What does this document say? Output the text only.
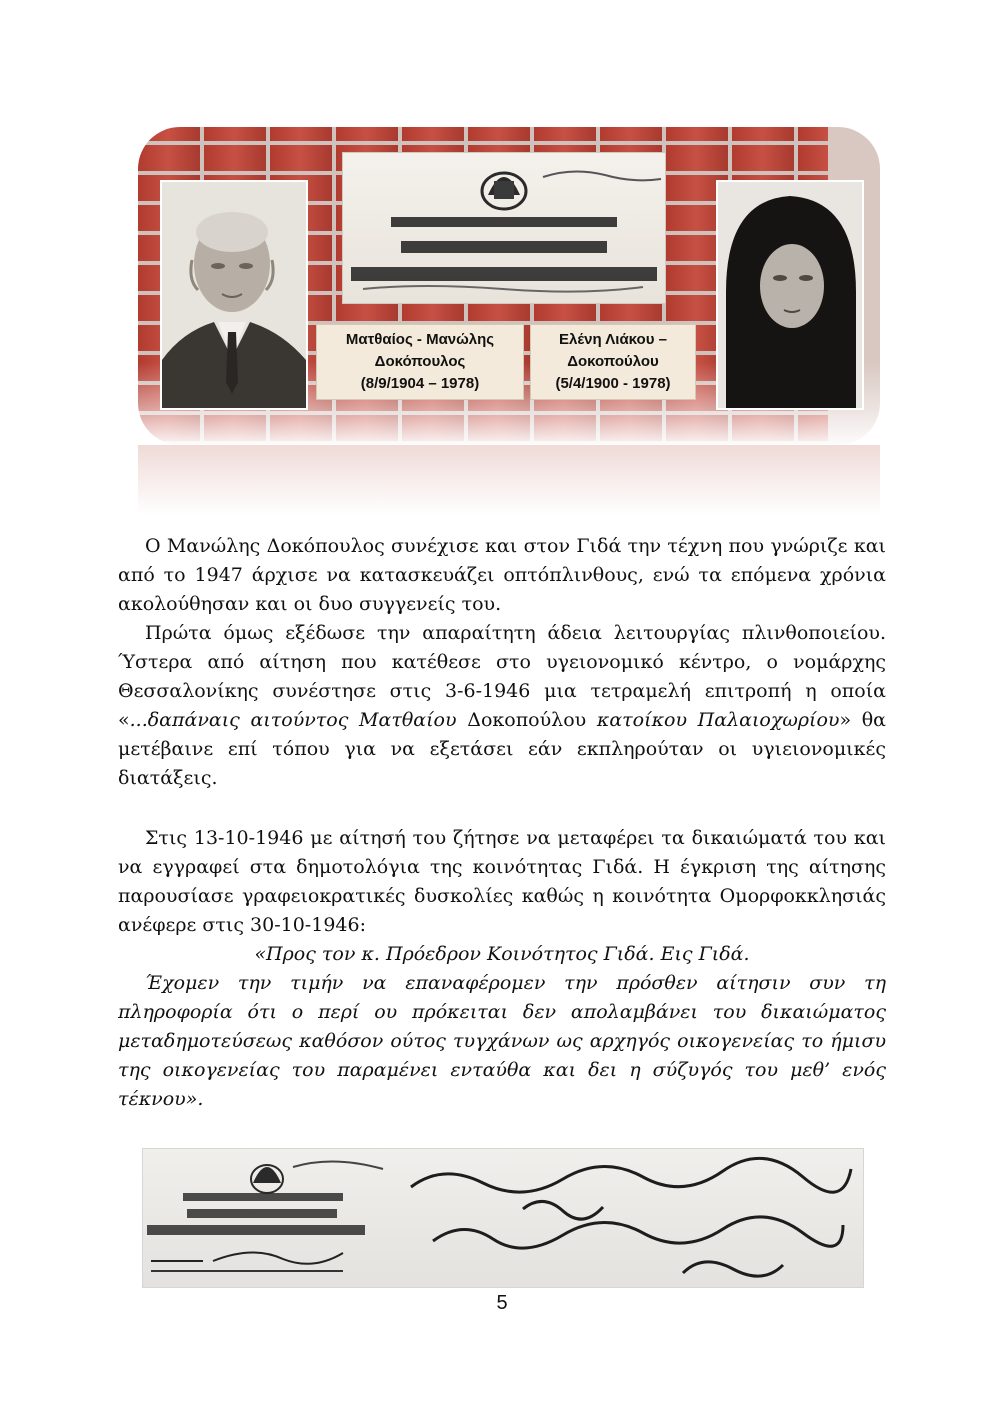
Ματθαίος - Μανώλης
Δοκόπουλος
(8/9/1904 – 1978)
Ελένη Λιάκου –
Δοκοπούλου
(5/4/1900 - 1978)

Ο Μανώλης Δοκόπουλος συνέχισε και στον Γιδά την τέχνη που γνώριζε και από το 1947 άρχισε να κατασκευάζει οπτόπλινθους, ενώ τα επόμενα χρόνια ακολούθησαν και οι δυο συγγενείς του.

Πρώτα όμως εξέδωσε την απαραίτητη άδεια λειτουργίας πλινθοποιείου. Ύστερα από αίτηση που κατέθεσε στο υγειονομικό κέντρο, ο νομάρχης Θεσσαλονίκης συνέστησε στις 3-6-1946 μια τετραμελή επιτροπή η οποία «...δαπάναις αιτούντος Ματθαίου Δοκοπούλου κατοίκου Παλαιοχωρίου» θα μετέβαινε επί τόπου για να εξετάσει εάν εκπληρούταν οι υγιειονομικές διατάξεις.

Στις 13-10-1946 με αίτησή του ζήτησε να μεταφέρει τα δικαιώματά του και να εγγραφεί στα δημοτολόγια της κοινότητας Γιδά. Η έγκριση της αίτησης παρουσίασε γραφειοκρατικές δυσκολίες καθώς η κοινότητα Ομορφοκκλησιάς ανέφερε στις 30-10-1946:

«Προς τον κ. Πρόεδρον Κοινότητος Γιδά. Εις Γιδά.

Έχομεν την τιμήν να επαναφέρομεν την πρόσθεν αίτησιν συν τη πληροφορία ότι ο περί ου πρόκειται δεν απολαμβάνει του δικαιώματος μεταδημοτεύσεως καθόσον ούτος τυγχάνων ως αρχηγός οικογενείας το ήμισυ της οικογενείας του παραμένει ενταύθα και δει η σύζυγός του μεθ’ ενός τέκνου».

5
